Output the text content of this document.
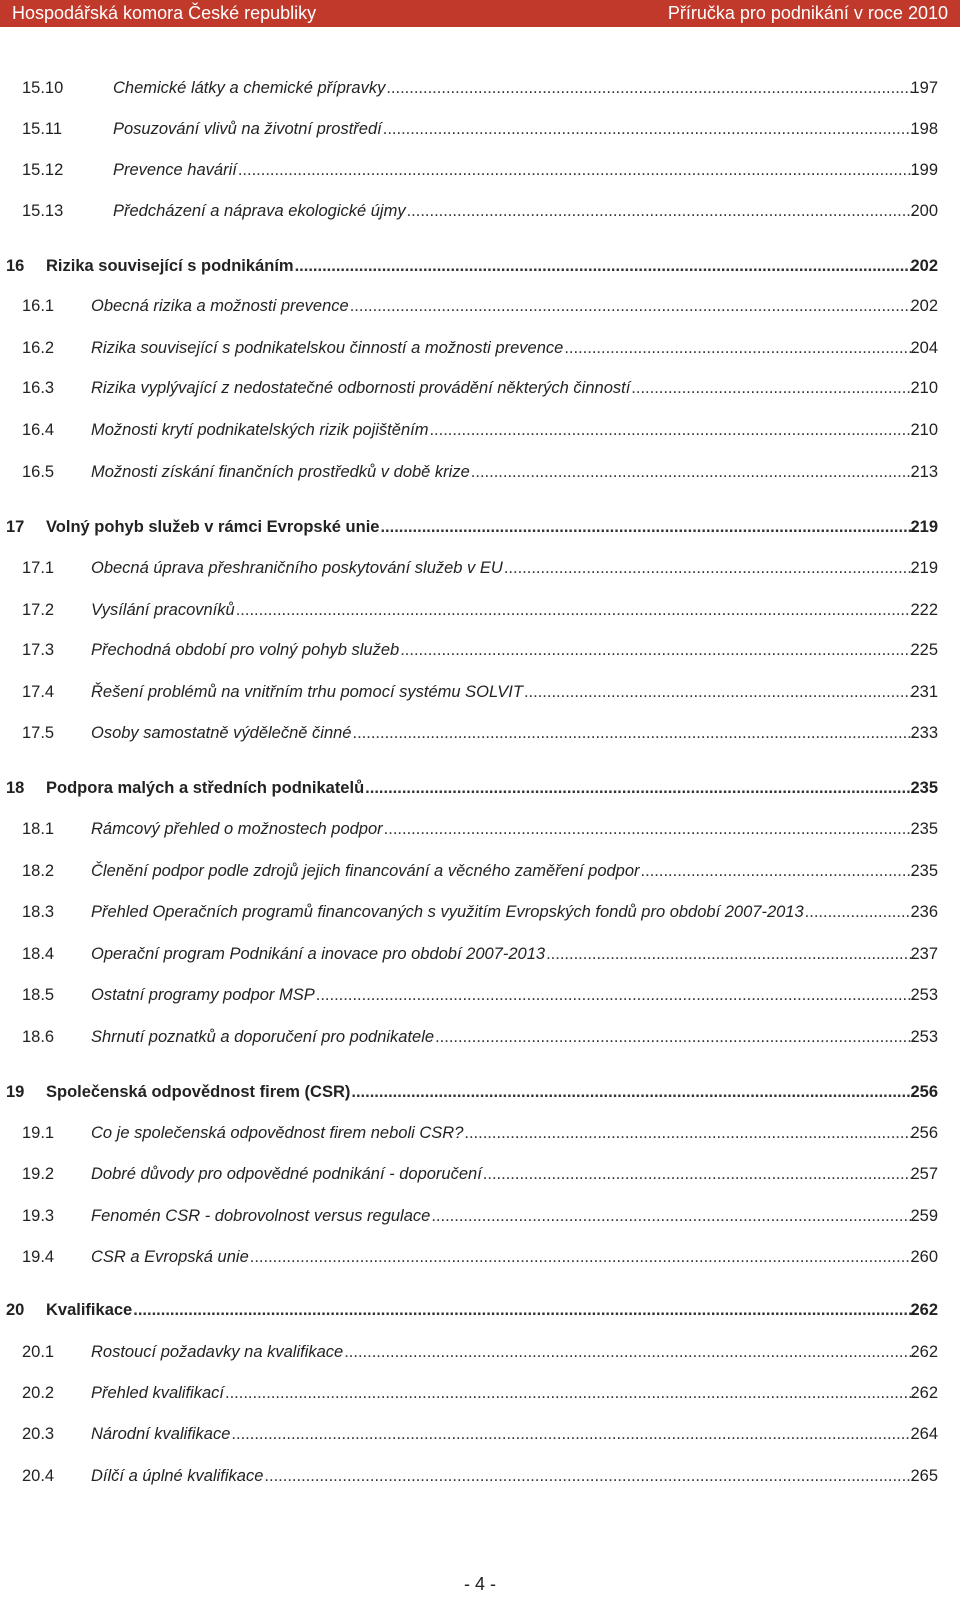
Hospodářská komora České republiky	Příručka pro podnikání v roce 2010
15.10	Chemické látky a chemické přípravky .....	197
15.11	Posuzování vlivů na životní prostředí .....	198
15.12	Prevence havárií .....	199
15.13	Předcházení a náprava ekologické újmy .....	200
16 Rizika související s podnikáním .....	202
16.1 Obecná rizika a možnosti prevence .....	202
16.2 Rizika související s podnikatelskou činností a možnosti prevence .....	204
16.3 Rizika vyplývající z nedostatečné odbornosti provádění některých činností .....	210
16.4 Možnosti krytí podnikatelských rizik pojištěním .....	210
16.5 Možnosti získání finančních prostředků v době krize .....	213
17 Volný pohyb služeb v rámci Evropské unie .....	219
17.1 Obecná úprava přeshraničního poskytování služeb v EU .....	219
17.2 Vysílání pracovníků .....	222
17.3 Přechodná období pro volný pohyb služeb .....	225
17.4 Řešení problémů na vnitřním trhu pomocí systému SOLVIT .....	231
17.5 Osoby samostatně výdělečně činné .....	233
18 Podpora malých a středních podnikatelů .....	235
18.1 Rámcový přehled o možnostech podpor .....	235
18.2 Členění podpor podle zdrojů jejich financování a věcného zaměření podpor .....	235
18.3 Přehled Operačních programů financovaných s využitím Evropských fondů pro období 2007-2013 .....	236
18.4 Operační program Podnikání a inovace pro období 2007-2013 .....	237
18.5 Ostatní programy podpor MSP .....	253
18.6 Shrnutí poznatků a doporučení pro podnikatele .....	253
19 Společenská odpovědnost firem (CSR) .....	256
19.1 Co je společenská odpovědnost firem neboli CSR? .....	256
19.2 Dobré důvody pro odpovědné podnikání - doporučení .....	257
19.3 Fenomén CSR - dobrovolnost versus regulace .....	259
19.4 CSR a Evropská unie .....	260
20 Kvalifikace .....	262
20.1 Rostoucí požadavky na kvalifikace .....	262
20.2 Přehled kvalifikací .....	262
20.3 Národní kvalifikace .....	264
20.4 Dílčí a úplné kvalifikace .....	265
- 4 -
